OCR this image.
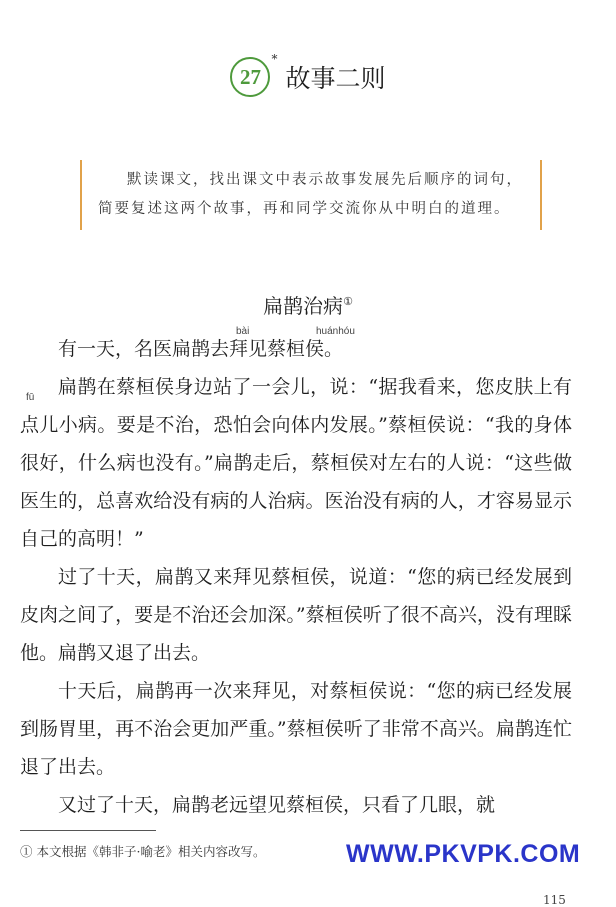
27*故事二则

默读课文，找出课文中表示故事发展先后顺序的词句，简要复述这两个故事，再和同学交流你从中明白的道理。

扁鹊治病①

bài	huánhóu
有一天，名医扁鹊去拜见蔡桓侯。

fū 扁鹊在蔡桓侯身边站了一会儿，说：“据我看来，您皮肤上有点儿小病。要是不治，恐怕会向体内发展。”蔡桓侯说：“我的身体很好，什么病也没有。”扁鹊走后，蔡桓侯对左右的人说：“这些做医生的，总喜欢给没有病的人治病。医治没有病的人，才容易显示自己的高明！”

过了十天，扁鹊又来拜见蔡桓侯，说道：“您的病已经发展到皮肉之间了，要是不治还会加深。”蔡桓侯听了很不高兴，没有理睬他。扁鹊又退了出去。

十天后，扁鹊再一次来拜见，对蔡桓侯说：“您的病已经发展到肠胃里，再不治会更加严重。”蔡桓侯听了非常不高兴。扁鹊连忙退了出去。

又过了十天，扁鹊老远望见蔡桓侯，只看了几眼，就

① 本文根据《韩非子·喻老》相关内容改写。	WWW.PKVPK.COM
115
